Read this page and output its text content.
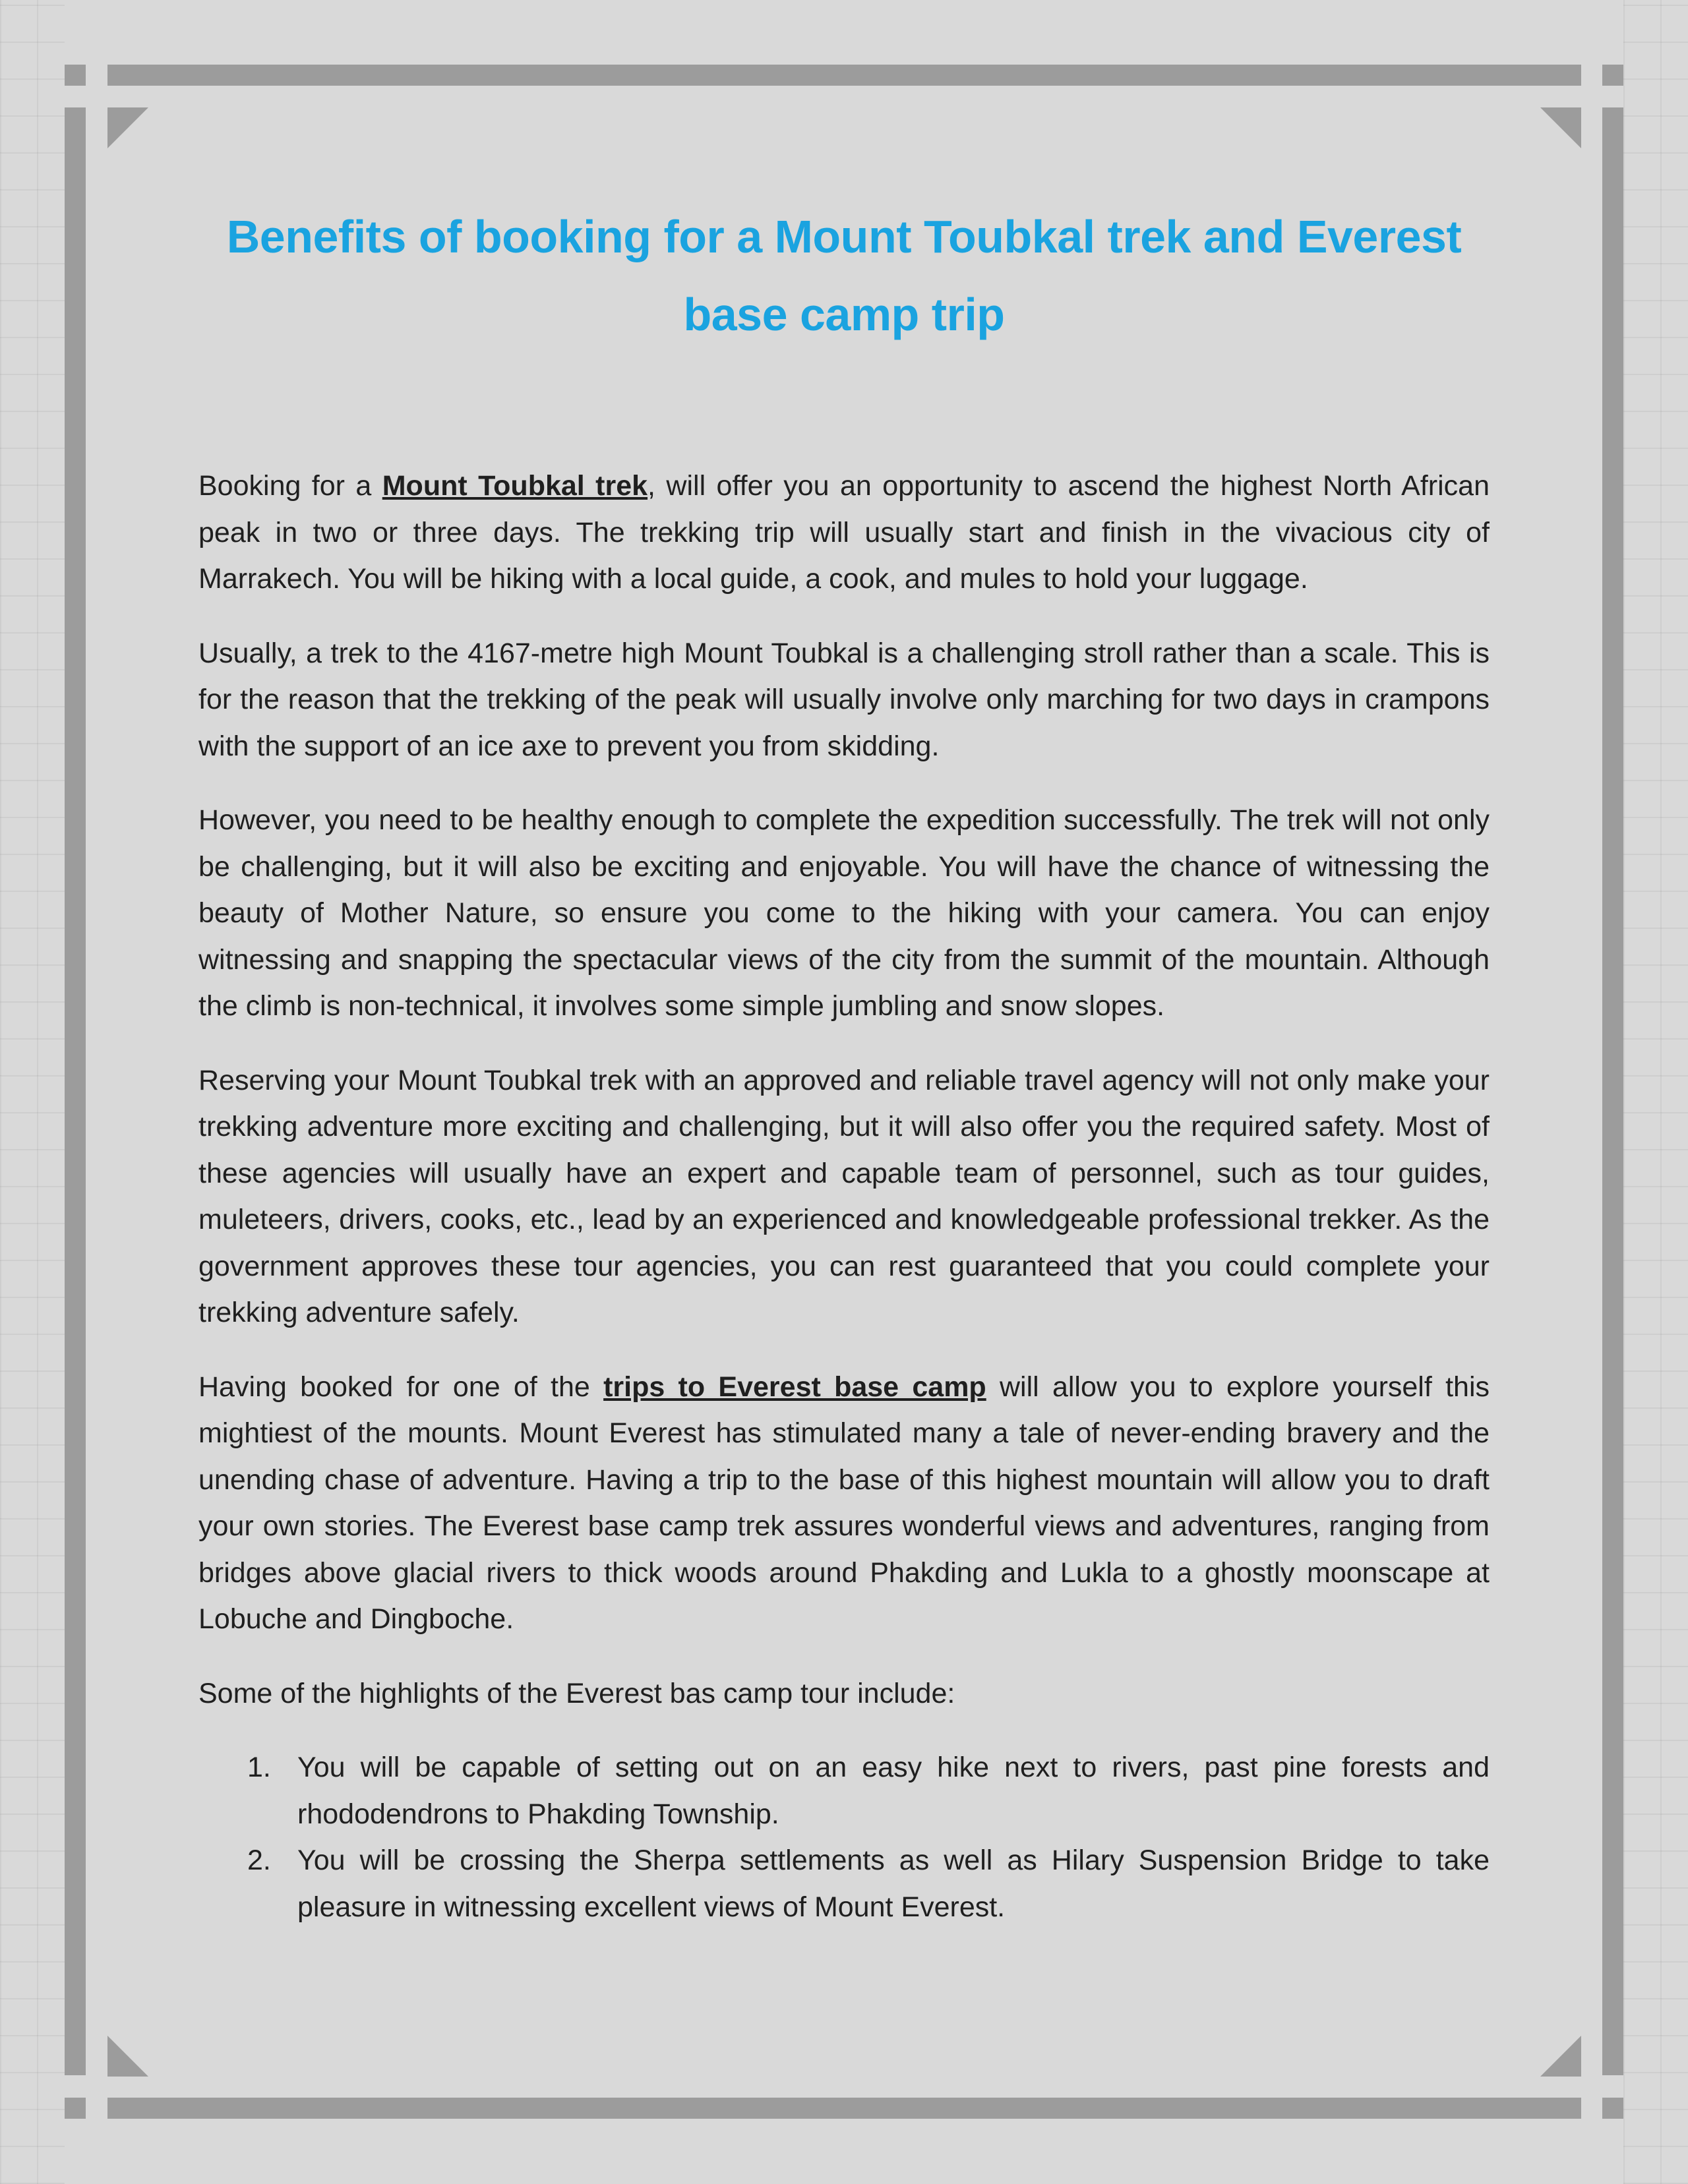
Benefits of booking for a Mount Toubkal trek and Everest base camp trip

Booking for a Mount Toubkal trek, will offer you an opportunity to ascend the highest North African peak in two or three days. The trekking trip will usually start and finish in the vivacious city of Marrakech. You will be hiking with a local guide, a cook, and mules to hold your luggage.

Usually, a trek to the 4167-metre high Mount Toubkal is a challenging stroll rather than a scale. This is for the reason that the trekking of the peak will usually involve only marching for two days in crampons with the support of an ice axe to prevent you from skidding.

However, you need to be healthy enough to complete the expedition successfully. The trek will not only be challenging, but it will also be exciting and enjoyable. You will have the chance of witnessing the beauty of Mother Nature, so ensure you come to the hiking with your camera. You can enjoy witnessing and snapping the spectacular views of the city from the summit of the mountain. Although the climb is non-technical, it involves some simple jumbling and snow slopes.

Reserving your Mount Toubkal trek with an approved and reliable travel agency will not only make your trekking adventure more exciting and challenging, but it will also offer you the required safety. Most of these agencies will usually have an expert and capable team of personnel, such as tour guides, muleteers, drivers, cooks, etc., lead by an experienced and knowledgeable professional trekker. As the government approves these tour agencies, you can rest guaranteed that you could complete your trekking adventure safely.

Having booked for one of the trips to Everest base camp will allow you to explore yourself this mightiest of the mounts. Mount Everest has stimulated many a tale of never-ending bravery and the unending chase of adventure. Having a trip to the base of this highest mountain will allow you to draft your own stories. The Everest base camp trek assures wonderful views and adventures, ranging from bridges above glacial rivers to thick woods around Phakding and Lukla to a ghostly moonscape at Lobuche and Dingboche.

Some of the highlights of the Everest bas camp tour include:

1. You will be capable of setting out on an easy hike next to rivers, past pine forests and rhododendrons to Phakding Township.
2. You will be crossing the Sherpa settlements as well as Hilary Suspension Bridge to take pleasure in witnessing excellent views of Mount Everest.
